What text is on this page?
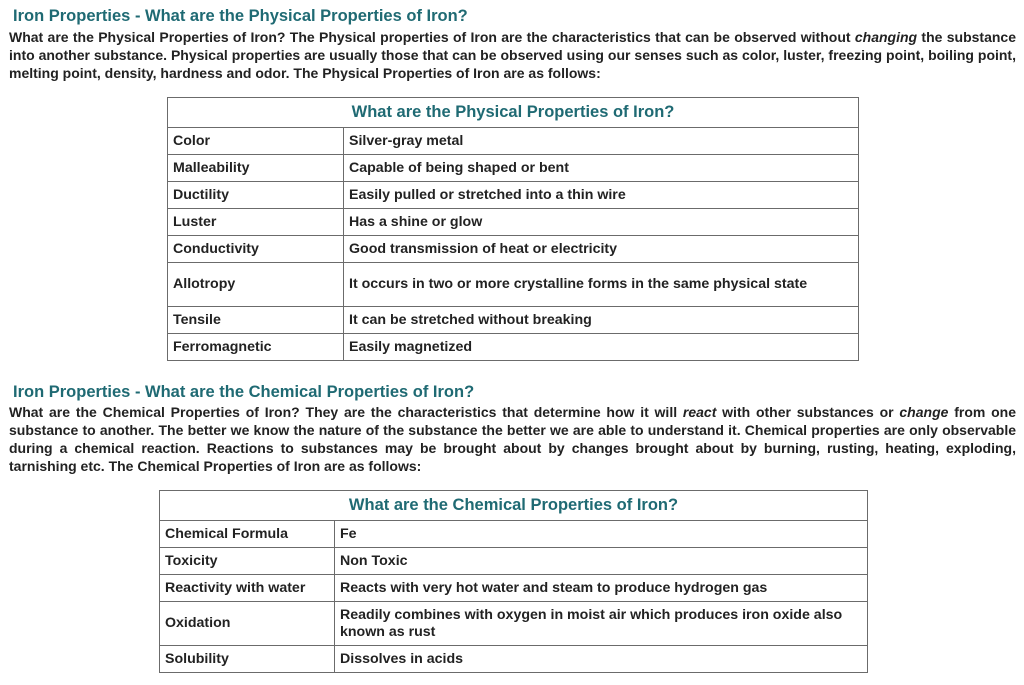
Iron Properties - What are the Physical Properties of Iron?

What are the Physical Properties of Iron? The Physical properties of Iron are the characteristics that can be observed without changing the substance into another substance. Physical properties are usually those that can be observed using our senses such as color, luster, freezing point, boiling point, melting point, density, hardness and odor. The Physical Properties of Iron are as follows:

What are the Physical Properties of Iron?	
Color	Silver-gray metal
Malleability	Capable of being shaped or bent
Ductility	Easily pulled or stretched into a thin wire
Luster	Has a shine or glow
Conductivity	Good transmission of heat or electricity
Allotropy	It occurs in two or more crystalline forms in the same physical state
Tensile	It can be stretched without breaking
Ferromagnetic	Easily magnetized
Iron Properties - What are the Chemical Properties of Iron?

What are the Chemical Properties of Iron? They are the characteristics that determine how it will react with other substances or change from one substance to another. The better we know the nature of the substance the better we are able to understand it. Chemical properties are only observable during a chemical reaction. Reactions to substances may be brought about by changes brought about by burning, rusting, heating, exploding, tarnishing etc. The Chemical Properties of Iron are as follows:

What are the Chemical Properties of Iron?	
Chemical Formula	Fe
Toxicity	Non Toxic
Reactivity with water	Reacts with very hot water and steam to produce hydrogen gas
Oxidation	Readily combines with oxygen in moist air which produces iron oxide also known as rust
Solubility	Dissolves in acids
